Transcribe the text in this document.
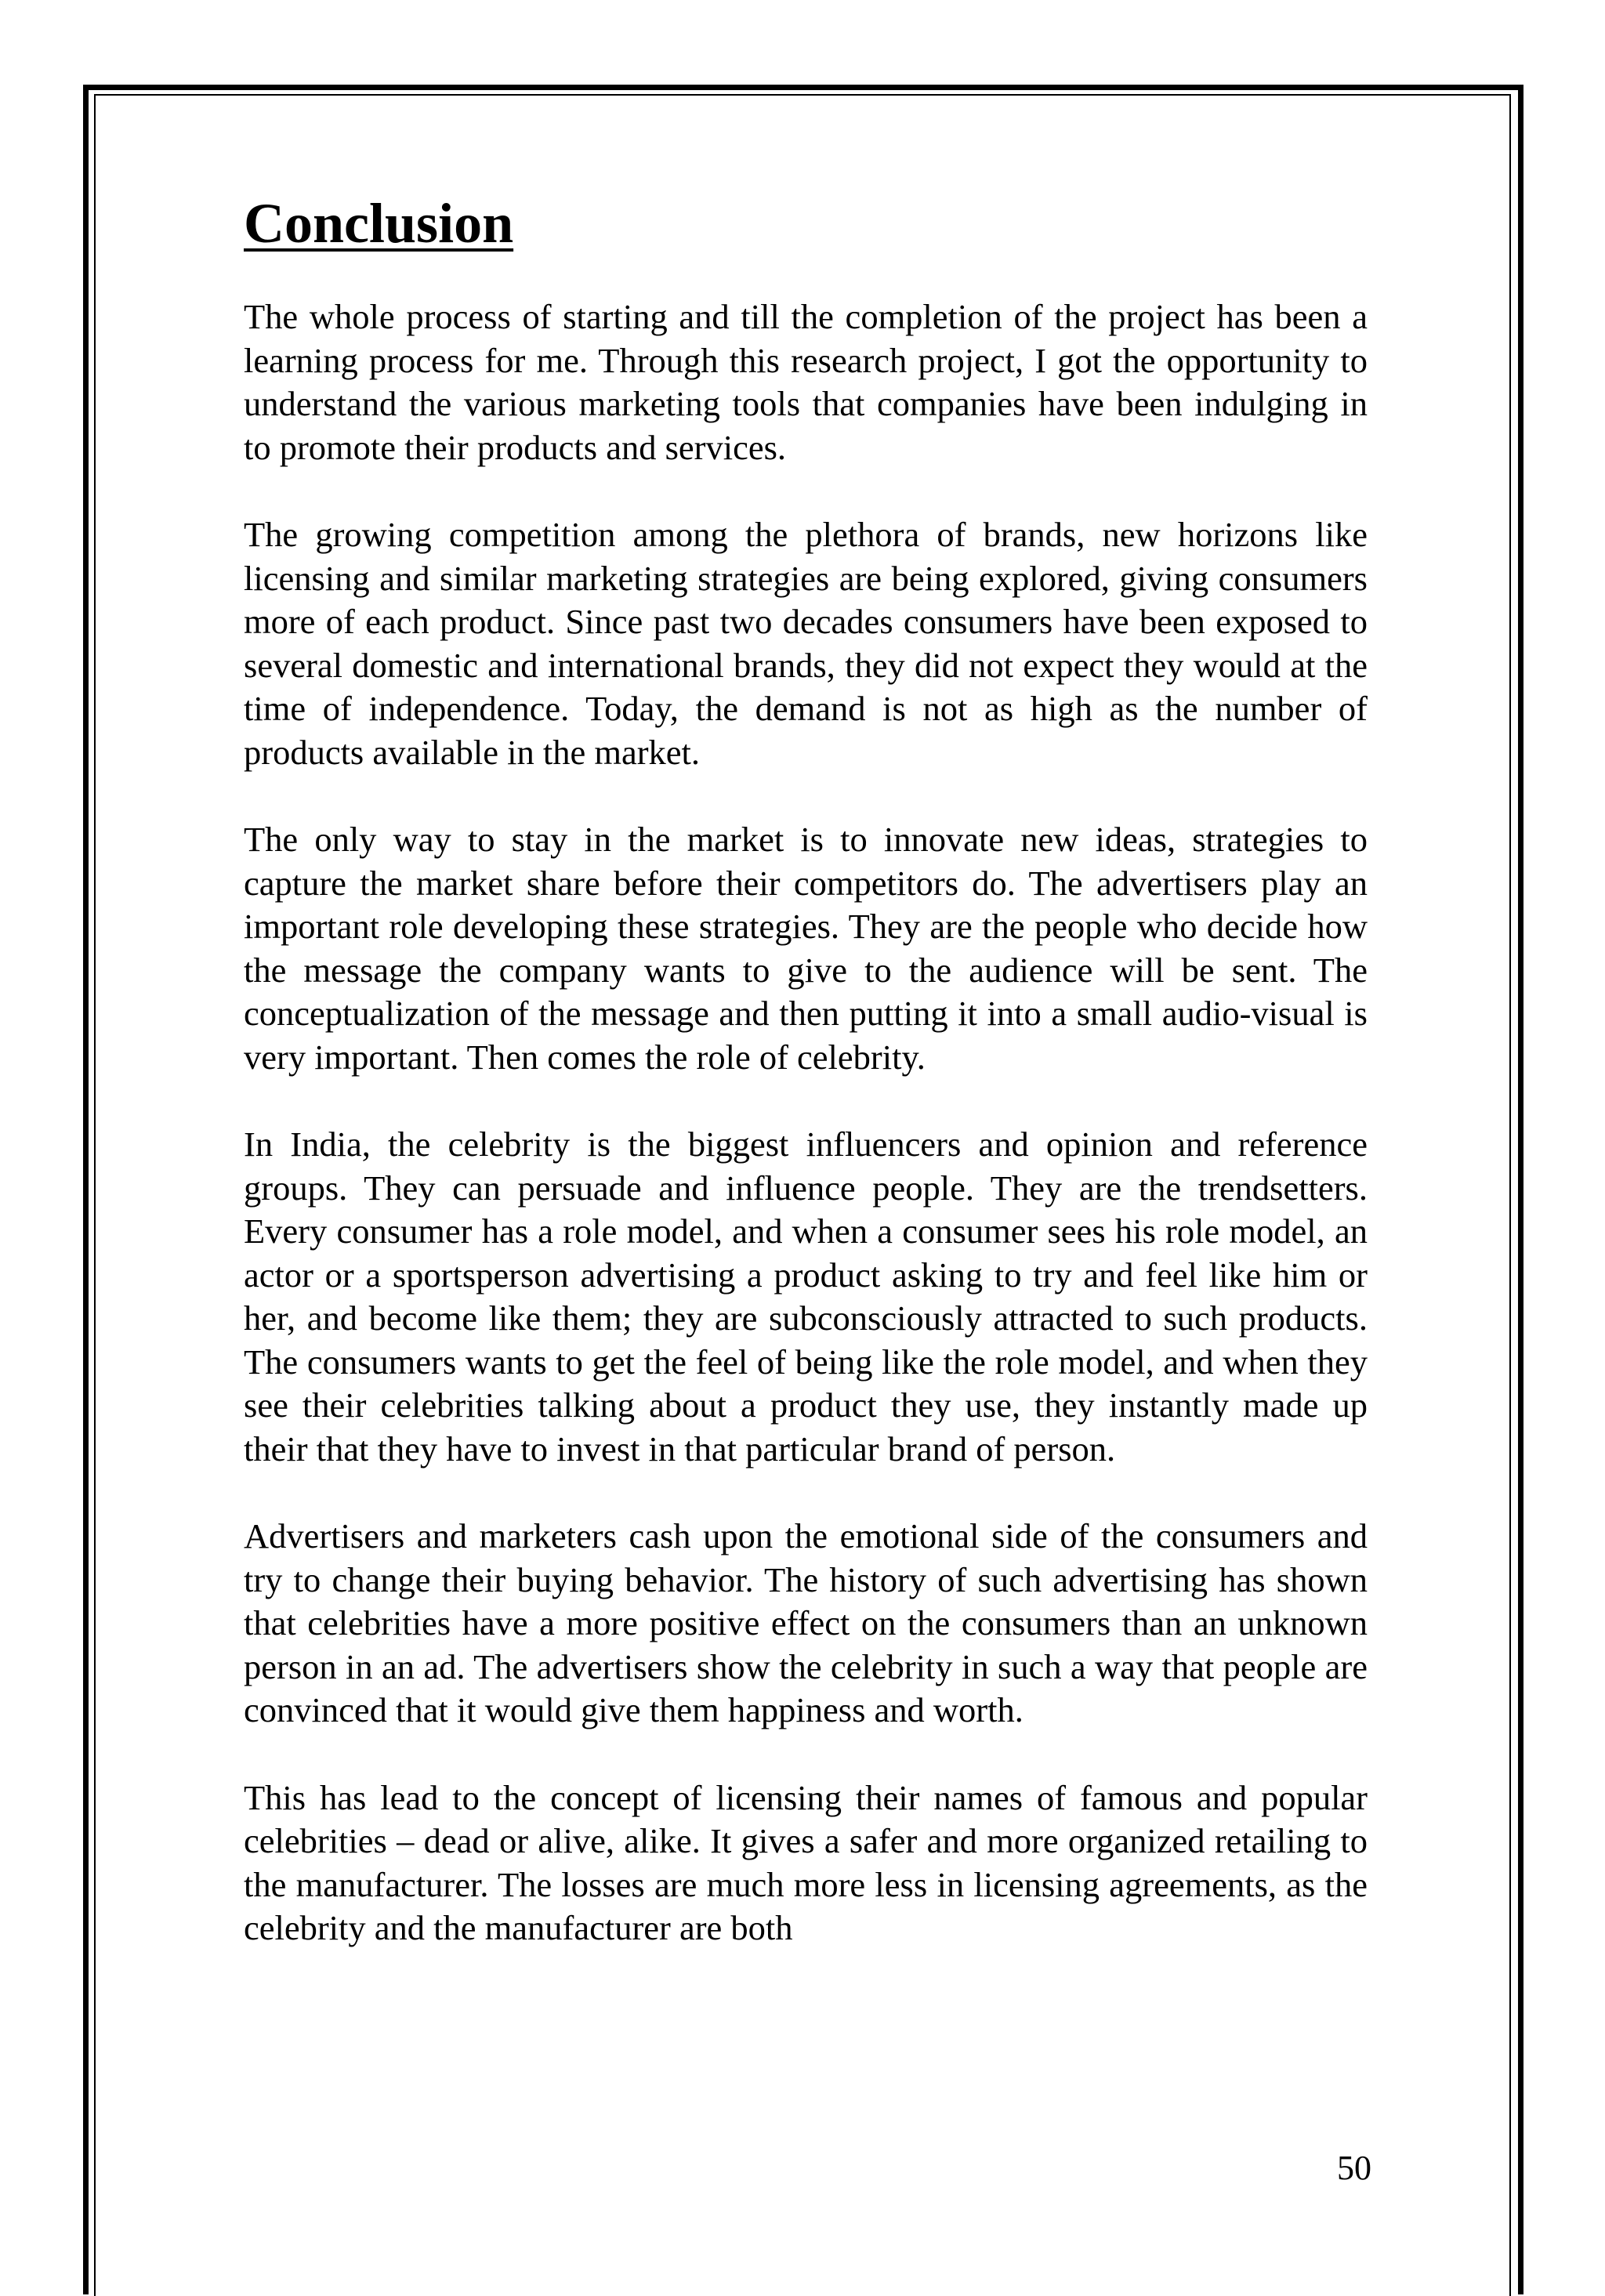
Conclusion

The whole process of starting and till the completion of the project has been a learning process for me. Through this research project, I got the opportunity to understand the various marketing tools that companies have been indulging in to promote their products and services.

The growing competition among the plethora of brands, new horizons like licensing and similar marketing strategies are being explored, giving consumers more of each product. Since past two decades consumers have been exposed to several domestic and international brands, they did not expect they would at the time of independence. Today, the demand is not as high as the number of products available in the market.

The only way to stay in the market is to innovate new ideas, strategies to capture the market share before their competitors do. The advertisers play an important role developing these strategies. They are the people who decide how the message the company wants to give to the audience will be sent. The conceptualization of the message and then putting it into a small audio-visual is very important. Then comes the role of celebrity.

In India, the celebrity is the biggest influencers and opinion and reference groups. They can persuade and influence people. They are the trendsetters. Every consumer has a role model, and when a consumer sees his role model, an actor or a sportsperson advertising a product asking to try and feel like him or her, and become like them; they are subconsciously attracted to such products. The consumers wants to get the feel of being like the role model, and when they see their celebrities talking about a product they use, they instantly made up their that they have to invest in that particular brand of person.

Advertisers and marketers cash upon the emotional side of the consumers and try to change their buying behavior. The history of such advertising has shown that celebrities have a more positive effect on the consumers than an unknown person in an ad. The advertisers show the celebrity in such a way that people are convinced that it would give them happiness and worth.

This has lead to the concept of licensing their names of famous and popular celebrities – dead or alive, alike. It gives a safer and more organized retailing to the manufacturer. The losses are much more less in licensing agreements, as the celebrity and the manufacturer are both

50
